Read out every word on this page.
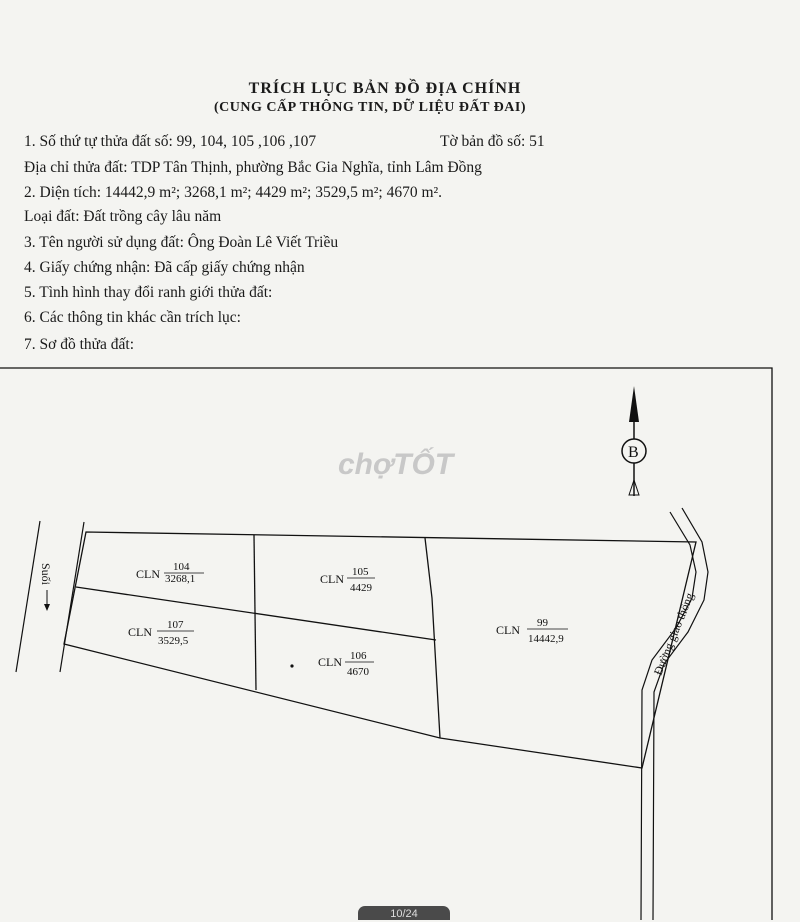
TRÍCH LỤC BẢN ĐỒ ĐỊA CHÍNH
(CUNG CẤP THÔNG TIN, DỮ LIỆU ĐẤT ĐAI)
1. Số thứ tự thửa đất số: 99, 104, 105 ,106 ,107	Tờ bản đồ số: 51
Địa chỉ thửa đất: TDP Tân Thịnh, phường Bắc Gia Nghĩa, tỉnh Lâm Đồng
2. Diện tích: 14442,9 m²; 3268,1 m²; 4429 m²; 3529,5 m²; 4670 m².
Loại đất: Đất trồng cây lâu năm
3. Tên người sử dụng đất: Ông Đoàn Lê Viết Triều
4. Giấy chứng nhận: Đã cấp giấy chứng nhận
5. Tình hình thay đổi ranh giới thửa đất:
6. Các thông tin khác cần trích lục:
7. Sơ đồ thửa đất:
chợTỐT
Suối
Đường giao thông
B
CLN 104
3268,1	CLN 105
4429
CLN 107
3529,5
CLN 106
4670
CLN 99
14442,9
10/24
